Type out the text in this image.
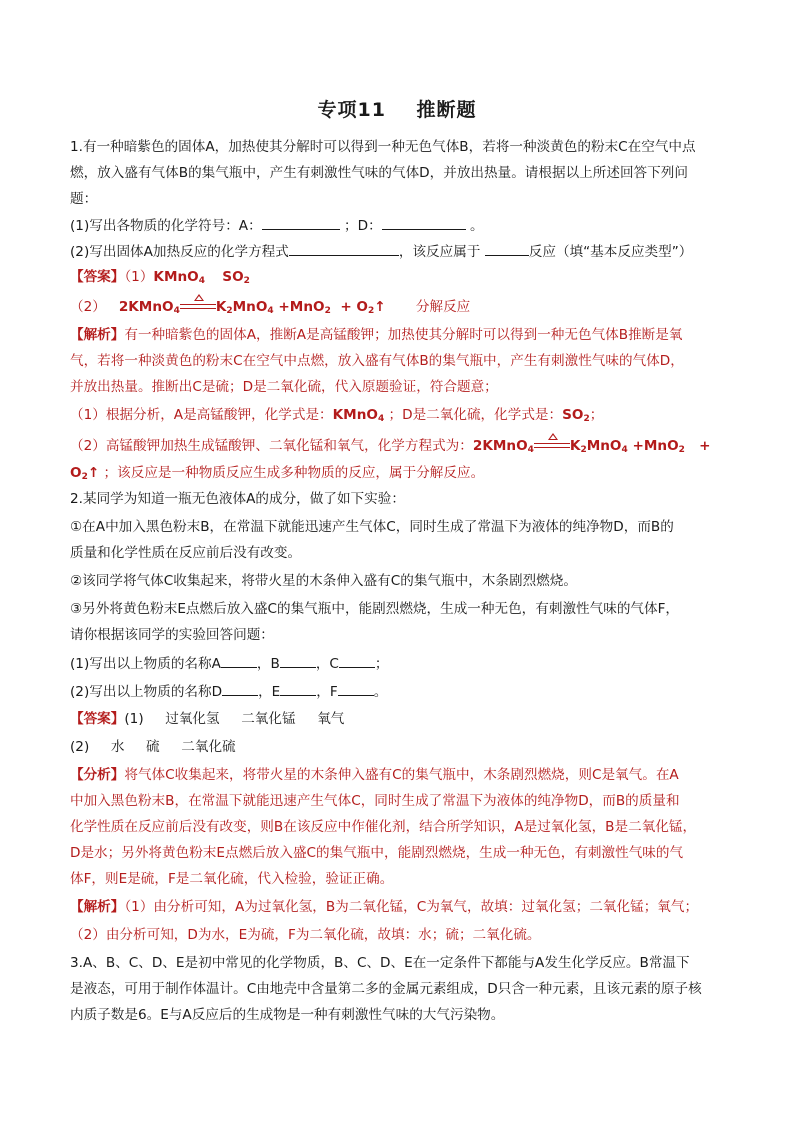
专项11    推断题
1.有一种暗紫色的固体A，加热使其分解时可以得到一种无色气体B，若将一种淡黄色的粉末C在空气中点
燃，放入盛有气体B的集气瓶中，产生有刺激性气味的气体D，并放出热量。请根据以上所述回答下列问
题：
(1)写出各物质的化学符号：A：	；D：	。
(2)写出固体A加热反应的化学方程式	，该反应属于	反应（填“基本反应类型”）
【答案】（1）KMnO$_4$ $SO_2$
（2） 2KMnO$_4$	$K_2MnO_4 +MnO_2$ + $O_2↑$ 分解反应
【解析】有一种暗紫色的固体A，推断A是高锰酸钾；加热使其分解时可以得到一种无色气体B推断是氧
气，若将一种淡黄色的粉末C在空气中点燃，放入盛有气体B的集气瓶中，产生有刺激性气味的气体D，
并放出热量。推断出C是硫；D是二氧化硫，代入原题验证，符合题意；
（1）根据分析，A是高锰酸钾，化学式是：KMnO$_4$ ；D是二氧化硫，化学式是：$SO_2$；
（2）高锰酸钾加热生成锰酸钾、二氧化锰和氧气，化学方程式为：2KMnO$_4$	$K_2MnO_4 +MnO_2$   +
$O_2↑$ ；该反应是一种物质反应生成多种物质的反应，属于分解反应。
2.某同学为知道一瓶无色液体A的成分，做了如下实验：
①在A中加入黑色粉末B，在常温下就能迅速产生气体C，同时生成了常温下为液体的纯净物D，而B的
质量和化学性质在反应前后没有改变。
②该同学将气体C收集起来，将带火星的木条伸入盛有C的集气瓶中，木条剧烈燃烧。
③另外将黄色粉末E点燃后放入盛C的集气瓶中，能剧烈燃烧，生成一种无色，有刺激性气味的气体F，
请你根据该同学的实验回答问题：
(1)写出以上物质的名称A	，B	，C	；
(2)写出以上物质的名称D	，E	，F	。
【答案】(1)     过氧化氢     二氧化锰     氧气
(2)     水     硫     二氧化硫
【分析】将气体C收集起来，将带火星的木条伸入盛有C的集气瓶中，木条剧烈燃烧，则C是氧气。在A
中加入黑色粉末B，在常温下就能迅速产生气体C，同时生成了常温下为液体的纯净物D，而B的质量和
化学性质在反应前后没有改变，则B在该反应中作催化剂，结合所学知识，A是过氧化氢，B是二氧化锰，
D是水；另外将黄色粉末E点燃后放入盛C的集气瓶中，能剧烈燃烧，生成一种无色，有刺激性气味的气
体F，则E是硫，F是二氧化硫，代入检验，验证正确。
【解析】（1）由分析可知，A为过氧化氢，B为二氧化锰，C为氧气，故填：过氧化氢；二氧化锰；氧气；
（2）由分析可知，D为水，E为硫，F为二氧化硫，故填：水；硫；二氧化硫。
3.A、B、C、D、E是初中常见的化学物质，B、C、D、E在一定条件下都能与A发生化学反应。B常温下
是液态，可用于制作体温计。C由地壳中含量第二多的金属元素组成，D只含一种元素，且该元素的原子核
内质子数是6。E与A反应后的生成物是一种有刺激性气味的大气污染物。
